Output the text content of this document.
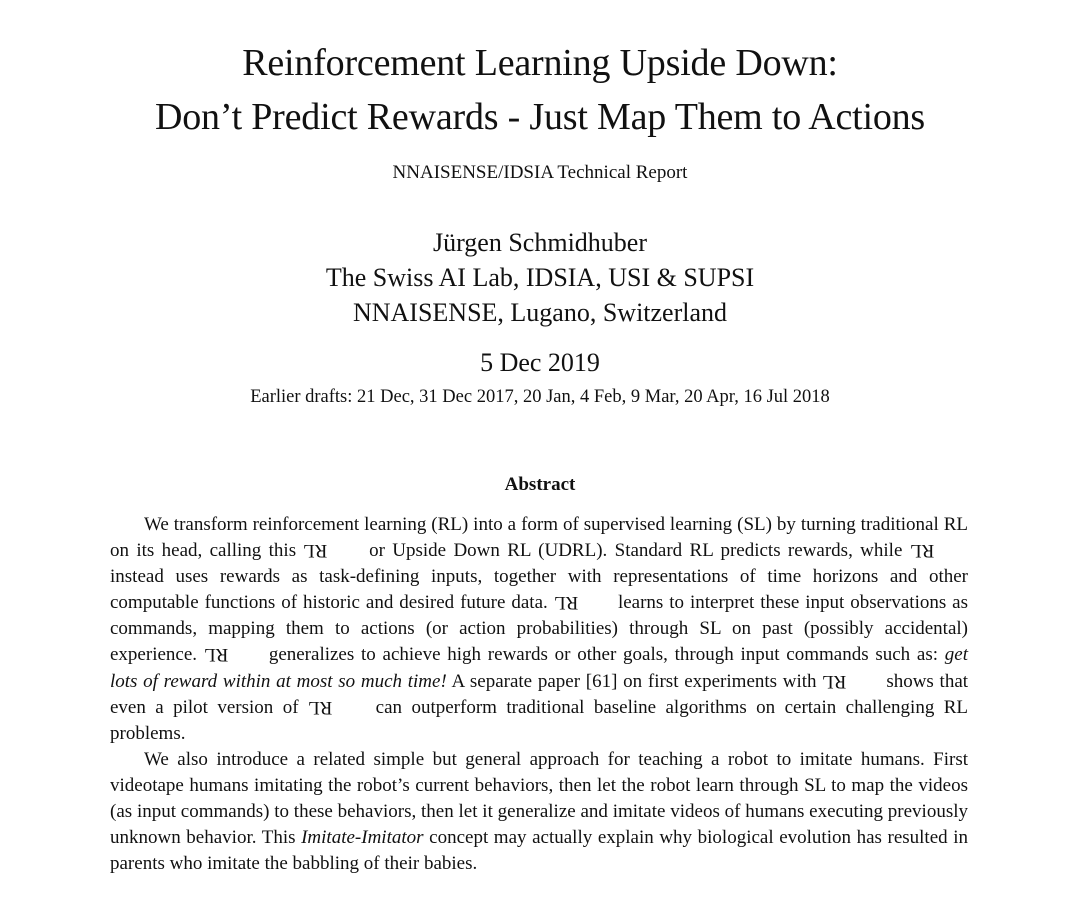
Reinforcement Learning Upside Down:
Don’t Predict Rewards - Just Map Them to Actions
NNAISENSE/IDSIA Technical Report
Jürgen Schmidhuber
The Swiss AI Lab, IDSIA, USI & SUPSI
NNAISENSE, Lugano, Switzerland
5 Dec 2019
Earlier drafts: 21 Dec, 31 Dec 2017, 20 Jan, 4 Feb, 9 Mar, 20 Apr, 16 Jul 2018
Abstract

We transform reinforcement learning (RL) into a form of supervised learning (SL) by turning traditional RL on its head, calling this RL or Upside Down RL (UDRL). Standard RL predicts rewards, while RL instead uses rewards as task-defining inputs, together with representations of time horizons and other computable functions of historic and desired future data. RL learns to interpret these input observations as commands, mapping them to actions (or action probabilities) through SL on past (possibly accidental) experience. RL generalizes to achieve high rewards or other goals, through input commands such as: get lots of reward within at most so much time! A separate paper [61] on first experiments with RL shows that even a pilot version of RL can outperform traditional baseline algorithms on certain challenging RL problems.

We also introduce a related simple but general approach for teaching a robot to imitate humans. First videotape humans imitating the robot’s current behaviors, then let the robot learn through SL to map the videos (as input commands) to these behaviors, then let it generalize and imitate videos of humans executing previously unknown behavior. This Imitate-Imitator concept may actually explain why biological evolution has resulted in parents who imitate the babbling of their babies.
